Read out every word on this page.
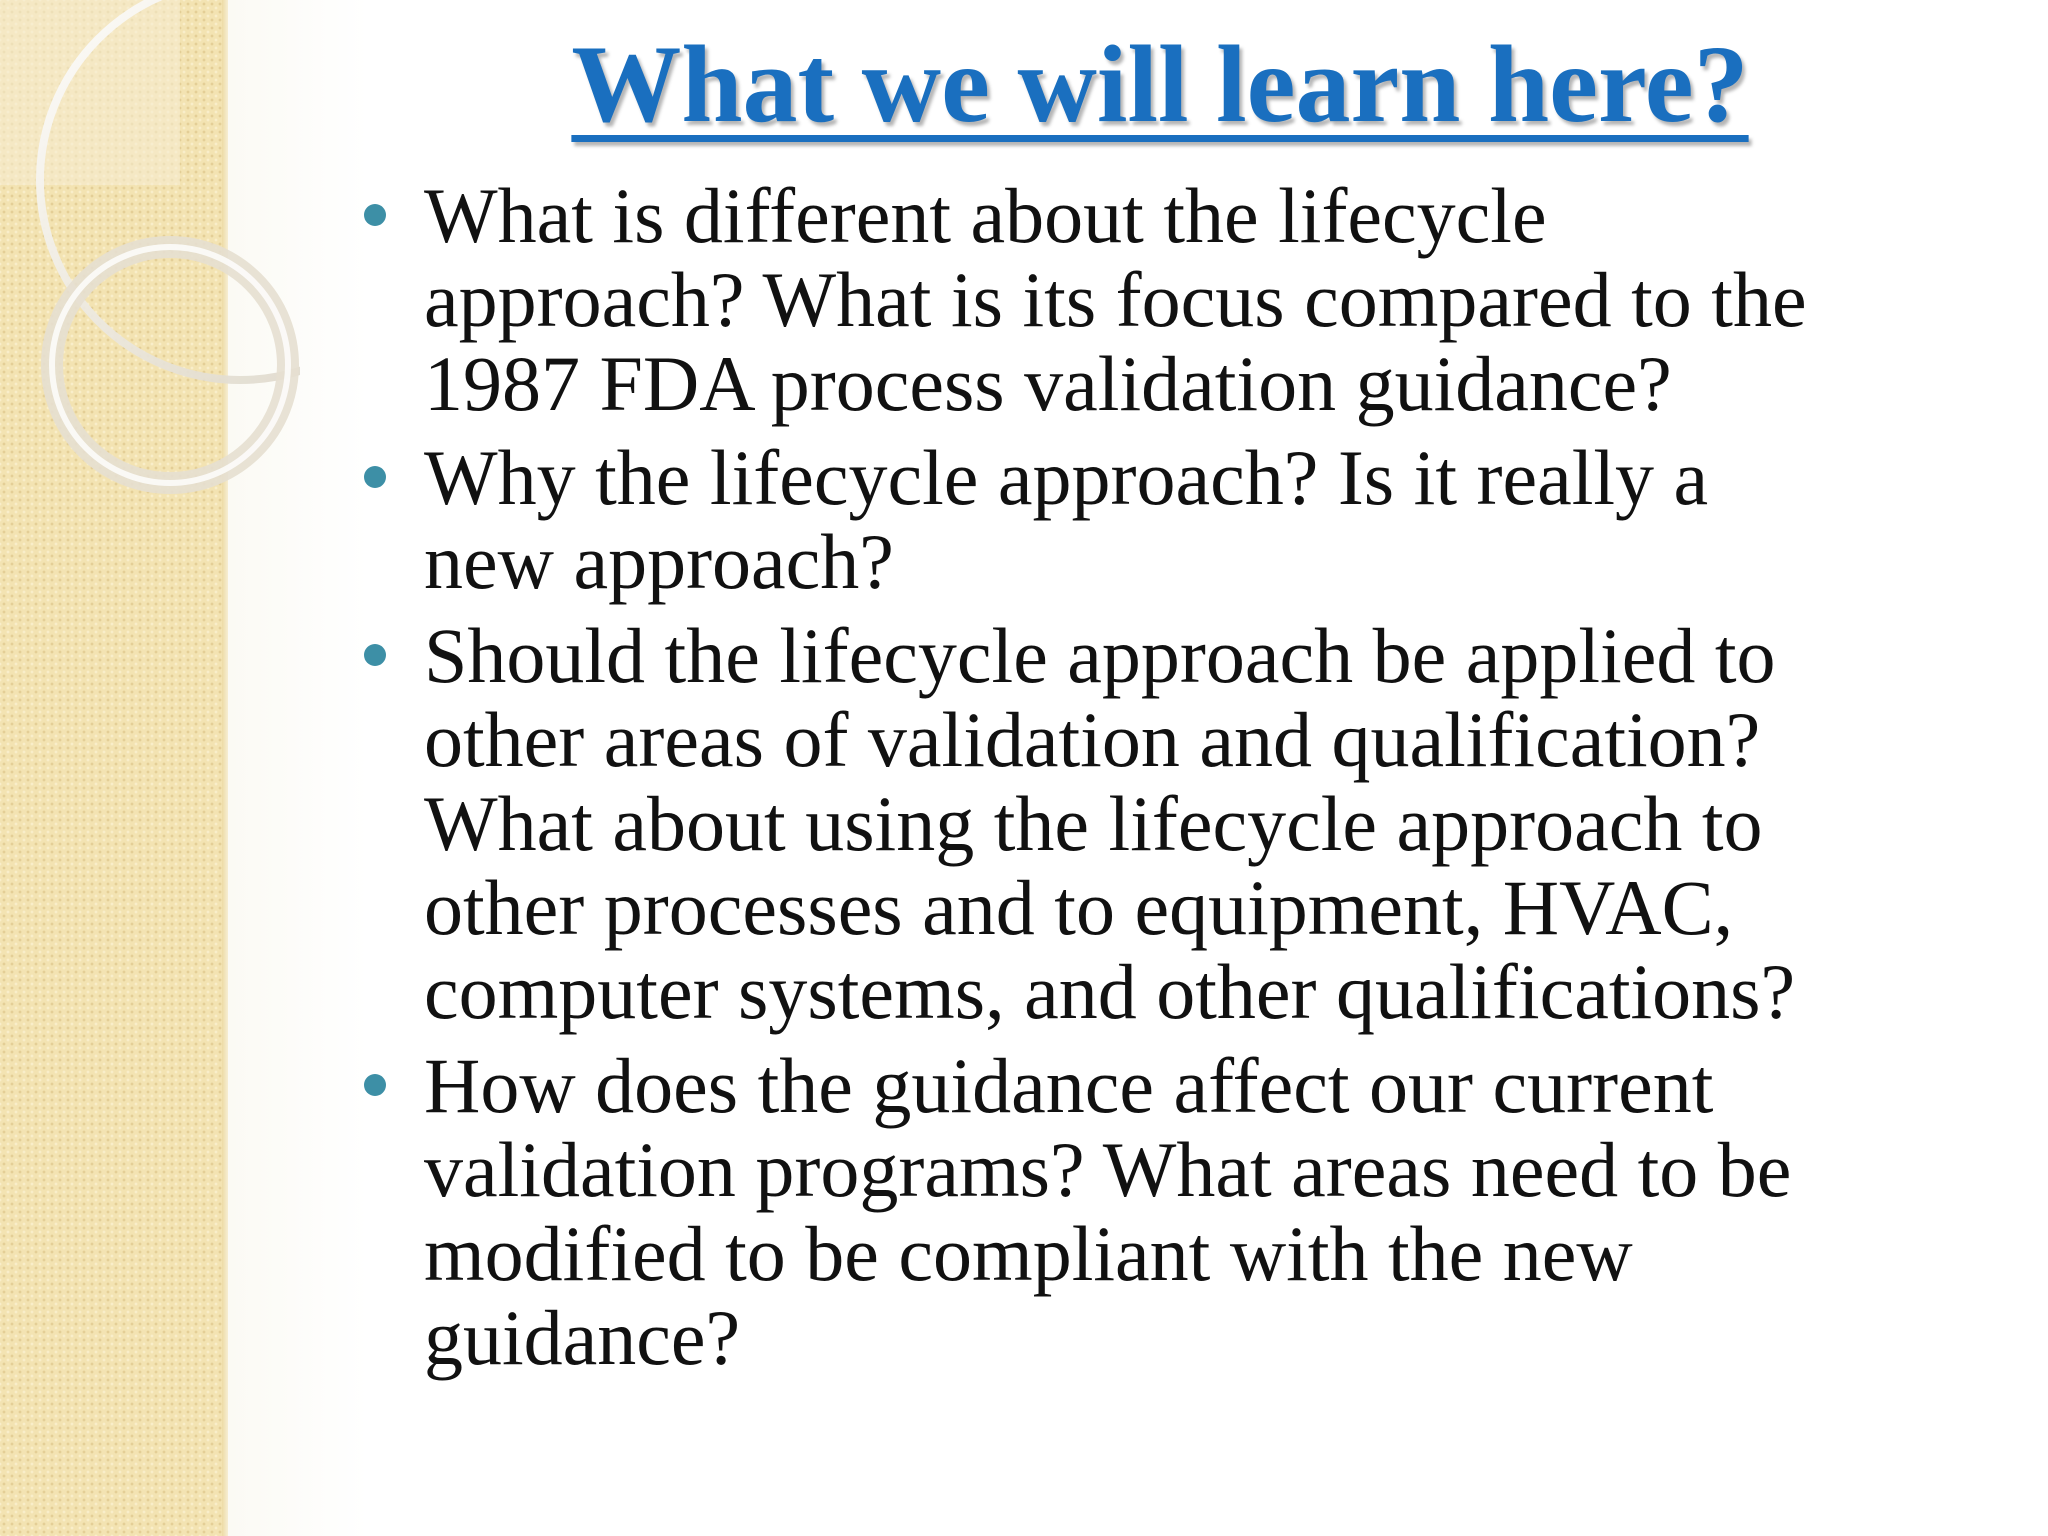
What we will learn here?
What is different about the lifecycle
approach? What is its focus compared to the
1987 FDA process validation guidance?
Why the lifecycle approach? Is it really a
new approach?
Should the lifecycle approach be applied to
other areas of validation and qualification?
What about using the lifecycle approach to
other processes and to equipment, HVAC,
computer systems, and other qualifications?
How does the guidance affect our current
validation programs? What areas need to be
modified to be compliant with the new
guidance?
